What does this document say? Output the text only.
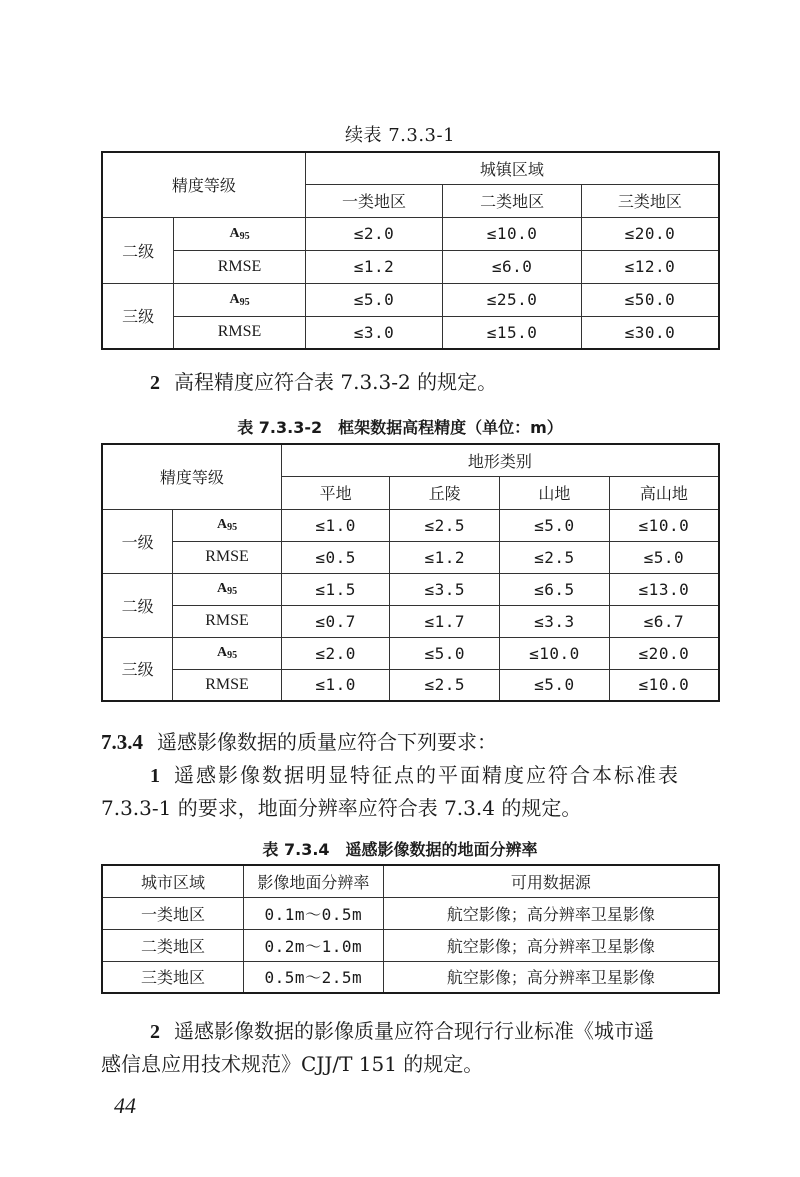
续表 7.3.3-1
精度等级		城镇区域		
		一类地区	二类地区	三类地区
二级	$A_{95}$	≤2.0	≤10.0	≤20.0
	RMSE	≤1.2	≤6.0	≤12.0
三级	$A_{95}$	≤5.0	≤25.0	≤50.0
	RMSE	≤3.0	≤15.0	≤30.0
2 高程精度应符合表 7.3.3-2 的规定。
表 7.3.3-2　框架数据高程精度（单位：m）
精度等级		地形类别			
		平地	丘陵	山地	高山地
一级	$A_{95}$	≤1.0	≤2.5	≤5.0	≤10.0
	RMSE	≤0.5	≤1.2	≤2.5	≤5.0
二级	$A_{95}$	≤1.5	≤3.5	≤6.5	≤13.0
	RMSE	≤0.7	≤1.7	≤3.3	≤6.7
三级	$A_{95}$	≤2.0	≤5.0	≤10.0	≤20.0
	RMSE	≤1.0	≤2.5	≤5.0	≤10.0
7.3.4 遥感影像数据的质量应符合下列要求：
1 遥感影像数据明显特征点的平面精度应符合本标准表
7.3.3-1 的要求，地面分辨率应符合表 7.3.4 的规定。
表 7.3.4　遥感影像数据的地面分辨率
城市区域	影像地面分辨率	可用数据源
一类地区	0.1m～0.5m	航空影像；高分辨率卫星影像
二类地区	0.2m～1.0m	航空影像；高分辨率卫星影像
三类地区	0.5m～2.5m	航空影像；高分辨率卫星影像
2 遥感影像数据的影像质量应符合现行行业标准《城市遥
感信息应用技术规范》CJJ/T 151 的规定。
44
